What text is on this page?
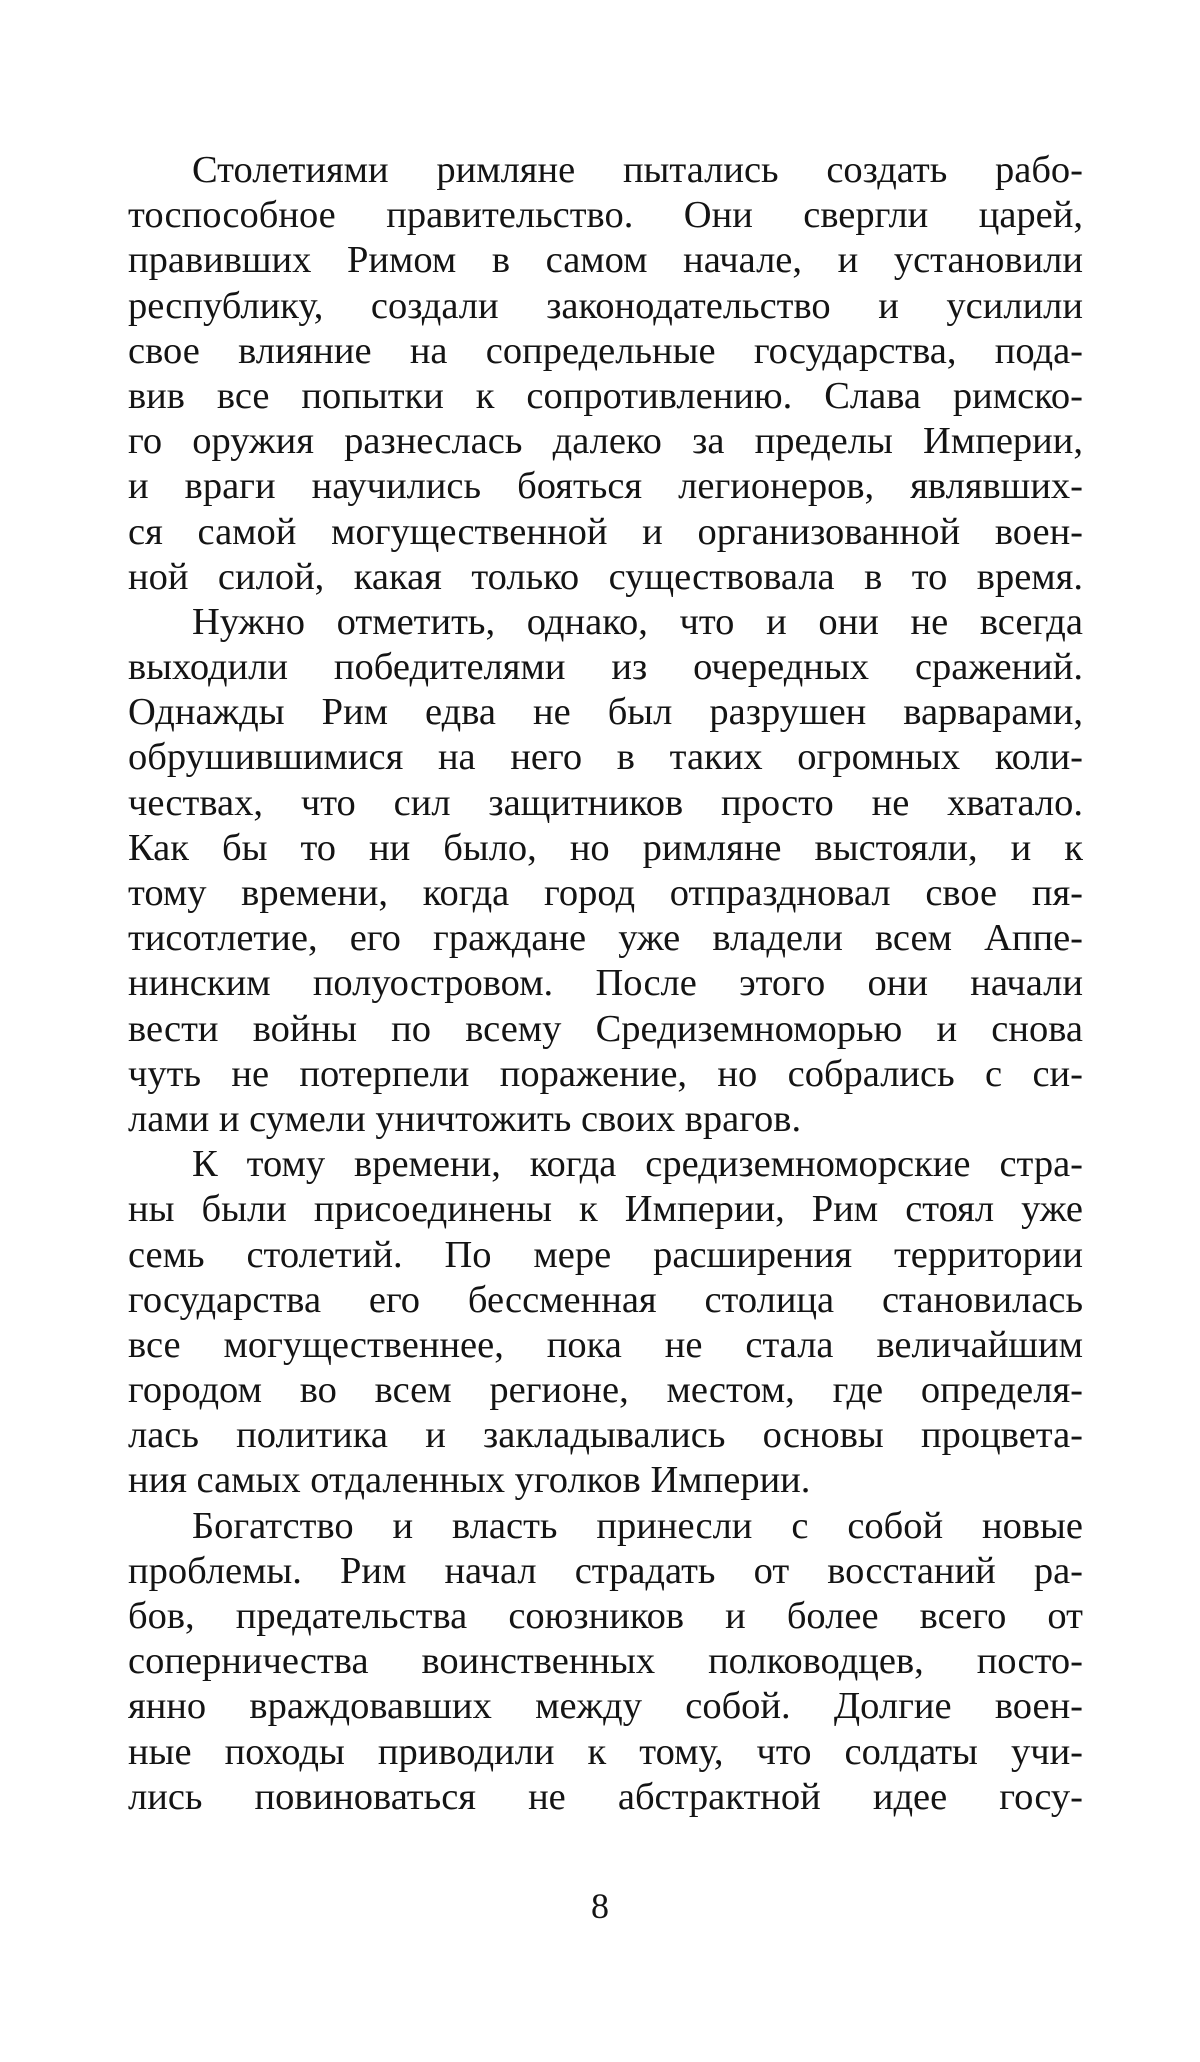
Столетиями римляне пытались создать рабо-
тоспособное правительство. Они свергли царей,
правивших Римом в самом начале, и установили
республику, создали законодательство и усилили
свое влияние на сопредельные государства, пода-
вив все попытки к сопротивлению. Слава римско-
го оружия разнеслась далеко за пределы Империи,
и враги научились бояться легионеров, являвших-
ся самой могущественной и организованной воен-
ной силой, какая только существовала в то время.
Нужно отметить, однако, что и они не всегда
выходили победителями из очередных сражений.
Однажды Рим едва не был разрушен варварами,
обрушившимися на него в таких огромных коли-
чествах, что сил защитников просто не хватало.
Как бы то ни было, но римляне выстояли, и к
тому времени, когда город отпраздновал свое пя-
тисотлетие, его граждане уже владели всем Аппе-
нинским полуостровом. После этого они начали
вести войны по всему Средиземноморью и снова
чуть не потерпели поражение, но собрались с си-
лами и сумели уничтожить своих врагов.
К тому времени, когда средиземноморские стра-
ны были присоединены к Империи, Рим стоял уже
семь столетий. По мере расширения территории
государства его бессменная столица становилась
все могущественнее, пока не стала величайшим
городом во всем регионе, местом, где определя-
лась политика и закладывались основы процвета-
ния самых отдаленных уголков Империи.
Богатство и власть принесли с собой новые
проблемы. Рим начал страдать от восстаний ра-
бов, предательства союзников и более всего от
соперничества воинственных полководцев, посто-
янно враждовавших между собой. Долгие воен-
ные походы приводили к тому, что солдаты учи-
лись повиноваться не абстрактной идее госу-
8
